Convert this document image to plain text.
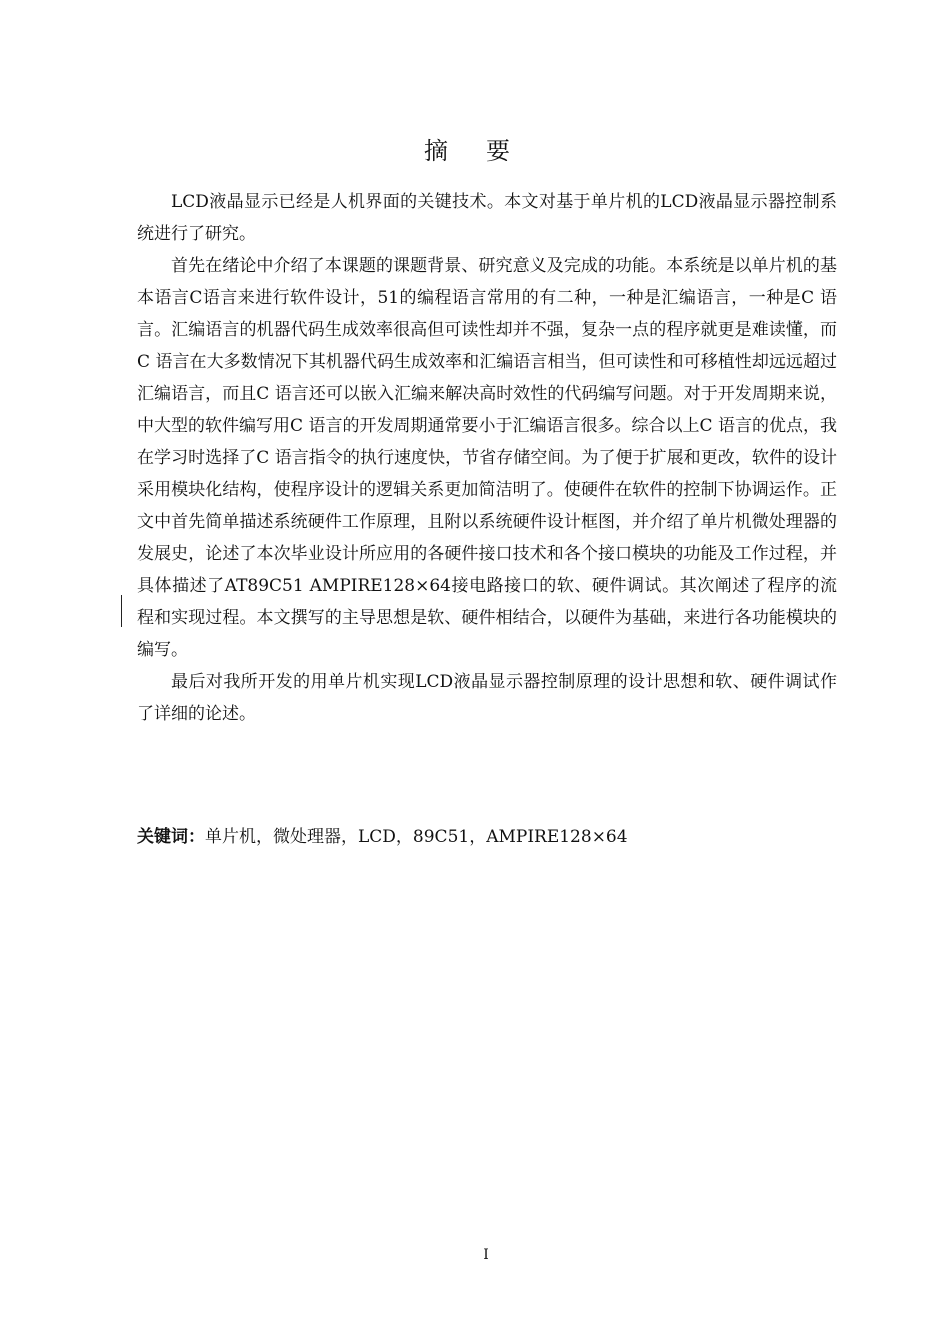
摘要

LCD液晶显示已经是人机界面的关键技术。本文对基于单片机的LCD液晶显示器控制系统进行了研究。

首先在绪论中介绍了本课题的课题背景、研究意义及完成的功能。本系统是以单片机的基本语言C语言来进行软件设计，51的编程语言常用的有二种，一种是汇编语言，一种是C 语言。汇编语言的机器代码生成效率很高但可读性却并不强，复杂一点的程序就更是难读懂，而C 语言在大多数情况下其机器代码生成效率和汇编语言相当，但可读性和可移植性却远远超过汇编语言，而且C 语言还可以嵌入汇编来解决高时效性的代码编写问题。对于开发周期来说，中大型的软件编写用C 语言的开发周期通常要小于汇编语言很多。综合以上C 语言的优点，我在学习时选择了C 语言指令的执行速度快，节省存储空间。为了便于扩展和更改，软件的设计采用模块化结构，使程序设计的逻辑关系更加简洁明了。使硬件在软件的控制下协调运作。正文中首先简单描述系统硬件工作原理，且附以系统硬件设计框图，并介绍了单片机微处理器的发展史，论述了本次毕业设计所应用的各硬件接口技术和各个接口模块的功能及工作过程，并具体描述了AT89C51 AMPIRE128×64接电路接口的软、硬件调试。其次阐述了程序的流程和实现过程。本文撰写的主导思想是软、硬件相结合，以硬件为基础，来进行各功能模块的编写。

最后对我所开发的用单片机实现LCD液晶显示器控制原理的设计思想和软、硬件调试作了详细的论述。

关键词：单片机，微处理器，LCD，89C51，AMPIRE128×64
I
